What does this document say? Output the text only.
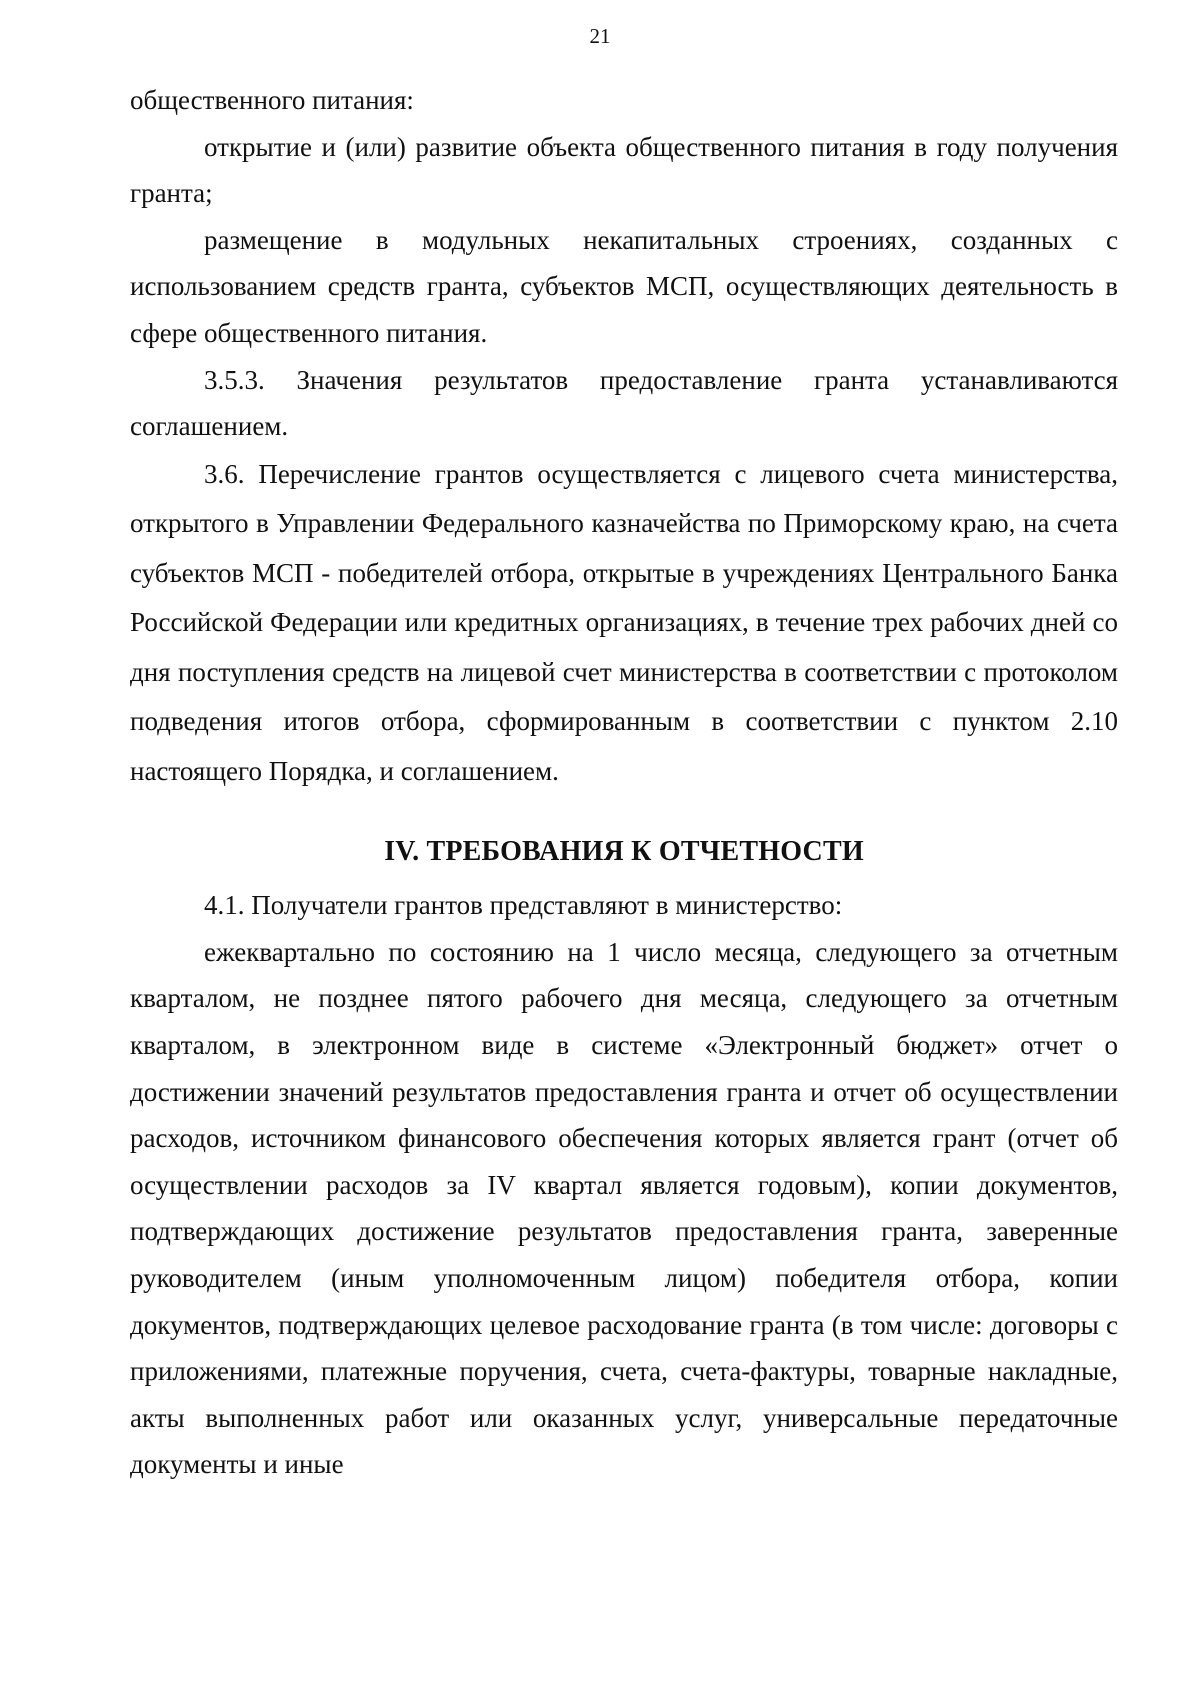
21

общественного питания:

открытие и (или) развитие объекта общественного питания в году получения гранта;

размещение в модульных некапитальных строениях, созданных с использованием средств гранта, субъектов МСП, осуществляющих деятельность в сфере общественного питания.

3.5.3. Значения результатов предоставление гранта устанавливаются соглашением.

3.6. Перечисление грантов осуществляется с лицевого счета министерства, открытого в Управлении Федерального казначейства по Приморскому краю, на счета субъектов МСП - победителей отбора, открытые в учреждениях Центрального Банка Российской Федерации или кредитных организациях, в течение трех рабочих дней со дня поступления средств на лицевой счет министерства в соответствии с протоколом подведения итогов отбора, сформированным в соответствии с пунктом 2.10 настоящего Порядка, и соглашением.

IV. ТРЕБОВАНИЯ К ОТЧЕТНОСТИ

4.1. Получатели грантов представляют в министерство:

ежеквартально по состоянию на 1 число месяца, следующего за отчетным кварталом, не позднее пятого рабочего дня месяца, следующего за отчетным кварталом, в электронном виде в системе «Электронный бюджет» отчет о достижении значений результатов предоставления гранта и отчет об осуществлении расходов, источником финансового обеспечения которых является грант (отчет об осуществлении расходов за IV квартал является годовым), копии документов, подтверждающих достижение результатов предоставления гранта, заверенные руководителем (иным уполномоченным лицом) победителя отбора, копии документов, подтверждающих целевое расходование гранта (в том числе: договоры с приложениями, платежные поручения, счета, счета-фактуры, товарные накладные, акты выполненных работ или оказанных услуг, универсальные передаточные документы и иные
